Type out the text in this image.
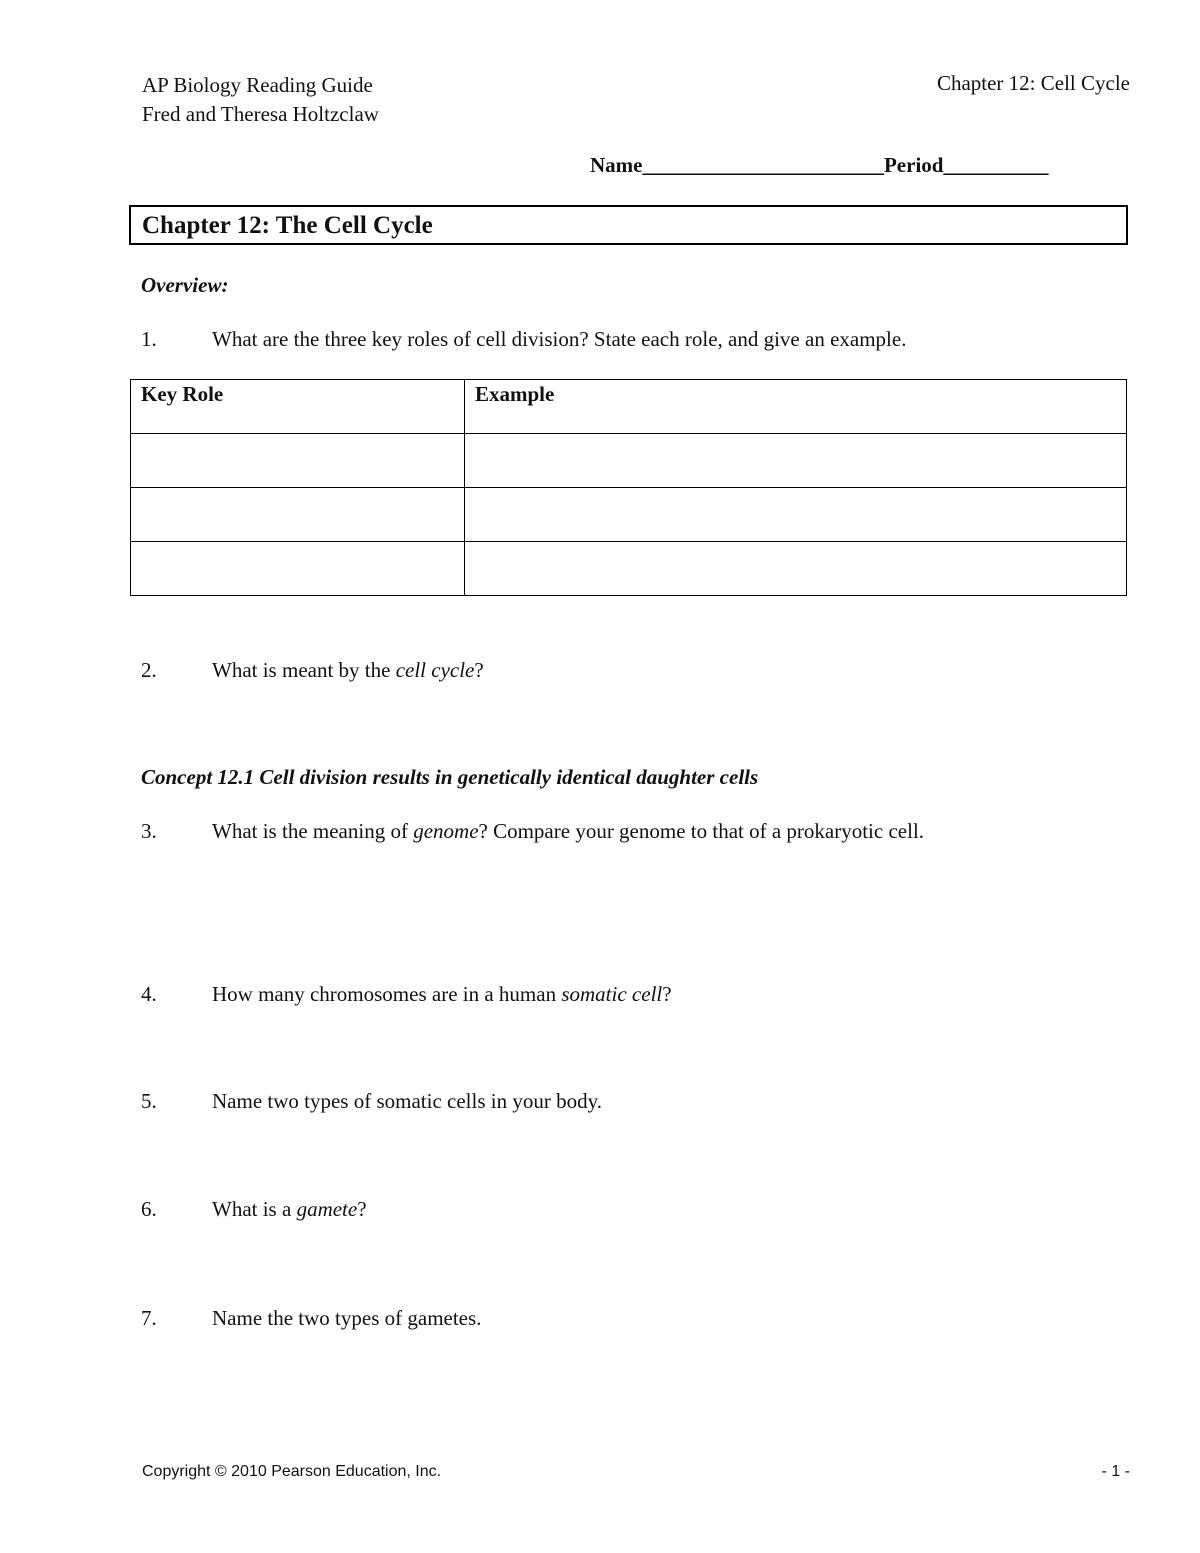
AP Biology Reading Guide
Fred and Theresa Holtzclaw
Chapter 12: Cell Cycle
Name_______________________Period__________
Chapter 12: The Cell Cycle
Overview:
1.	What are the three key roles of cell division? State each role, and give an example.
Key Role	Example

2.	What is meant by the cell cycle?
Concept 12.1 Cell division results in genetically identical daughter cells
3.	What is the meaning of genome? Compare your genome to that of a prokaryotic cell.
4.	How many chromosomes are in a human somatic cell?
5.	Name two types of somatic cells in your body.
6.	What is a gamete?
7.	Name the two types of gametes.
Copyright © 2010 Pearson Education, Inc.	- 1 -
